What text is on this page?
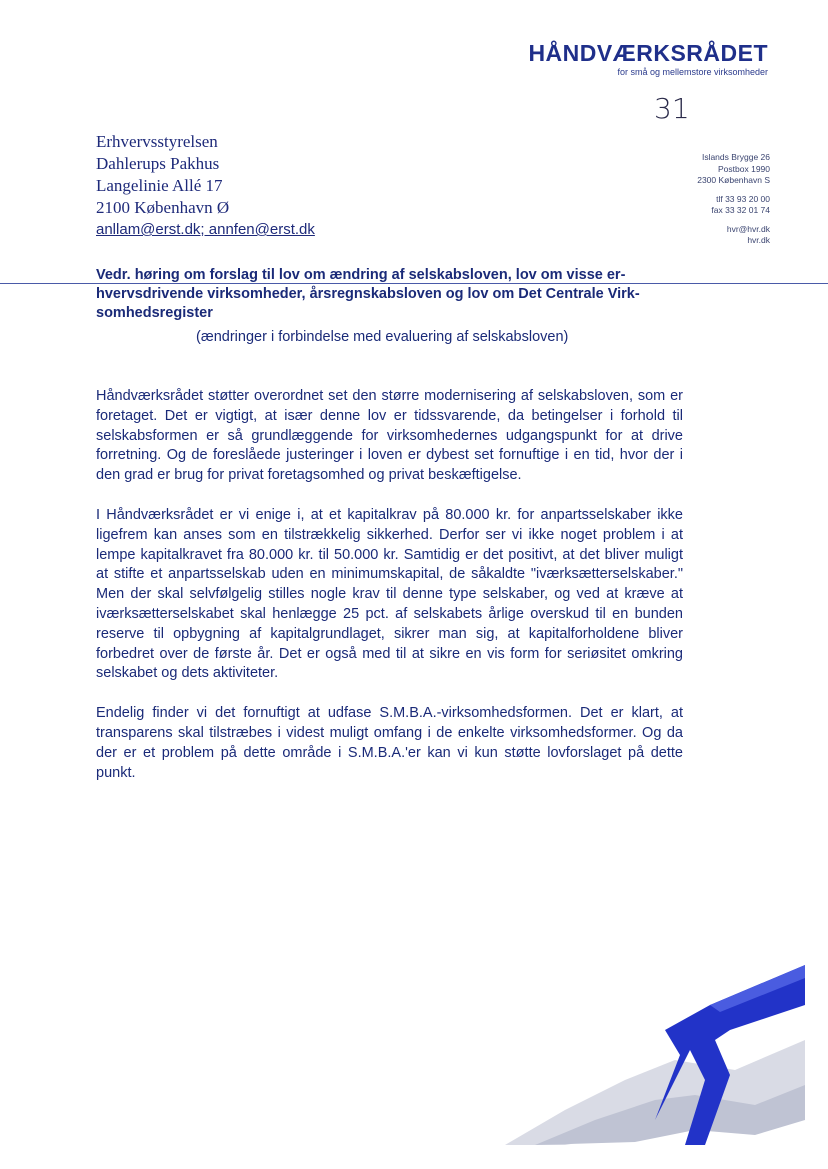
HÅNDVÆRKSRÅDET
for små og mellemstore virksomheder
31
Erhvervsstyrelsen
Dahlerups Pakhus
Langelinie Allé 17
2100 København Ø
anllam@erst.dk; annfen@erst.dk
Islands Brygge 26
Postbox 1990
2300 København S
tlf 33 93 20 00
fax 33 32 01 74
hvr@hvr.dk
hvr.dk
Vedr. høring om forslag til lov om ændring af selskabsloven, lov om visse er-hvervsdrivende virksomheder, årsregnskabsloven og lov om Det Centrale Virk-somhedsregister
(ændringer i forbindelse med evaluering af selskabsloven)

Håndværksrådet støtter overordnet set den større modernisering af selskabsloven, som er foretaget. Det er vigtigt, at især denne lov er tidssvarende, da betingelser i forhold til selskabsformen er så grundlæggende for virksomhedernes udgangspunkt for at drive forretning. Og de foreslåede justeringer i loven er dybest set fornuftige i en tid, hvor der i den grad er brug for privat foretagsomhed og privat beskæftigelse.

I Håndværksrådet er vi enige i, at et kapitalkrav på 80.000 kr. for anpartsselskaber ikke ligefrem kan anses som en tilstrækkelig sikkerhed. Derfor ser vi ikke noget problem i at lempe kapitalkravet fra 80.000 kr. til 50.000 kr. Samtidig er det positivt, at det bliver muligt at stifte et anpartsselskab uden en minimumskapital, de såkaldte "iværksætterselskaber." Men der skal selvfølgelig stilles nogle krav til denne type selskaber, og ved at kræve at iværksætterselskabet skal henlægge 25 pct. af selskabets årlige overskud til en bunden reserve til opbygning af kapitalgrundlaget, sikrer man sig, at kapitalforholdene bliver forbedret over de første år. Det er også med til at sikre en vis form for seriøsitet omkring selskabet og dets aktiviteter.

Endelig finder vi det fornuftigt at udfase S.M.B.A.-virksomhedsformen. Det er klart, at transparens skal tilstræbes i videst muligt omfang i de enkelte virksomhedsformer. Og da der er et problem på dette område i S.M.B.A.'er kan vi kun støtte lovforslaget på dette punkt.
